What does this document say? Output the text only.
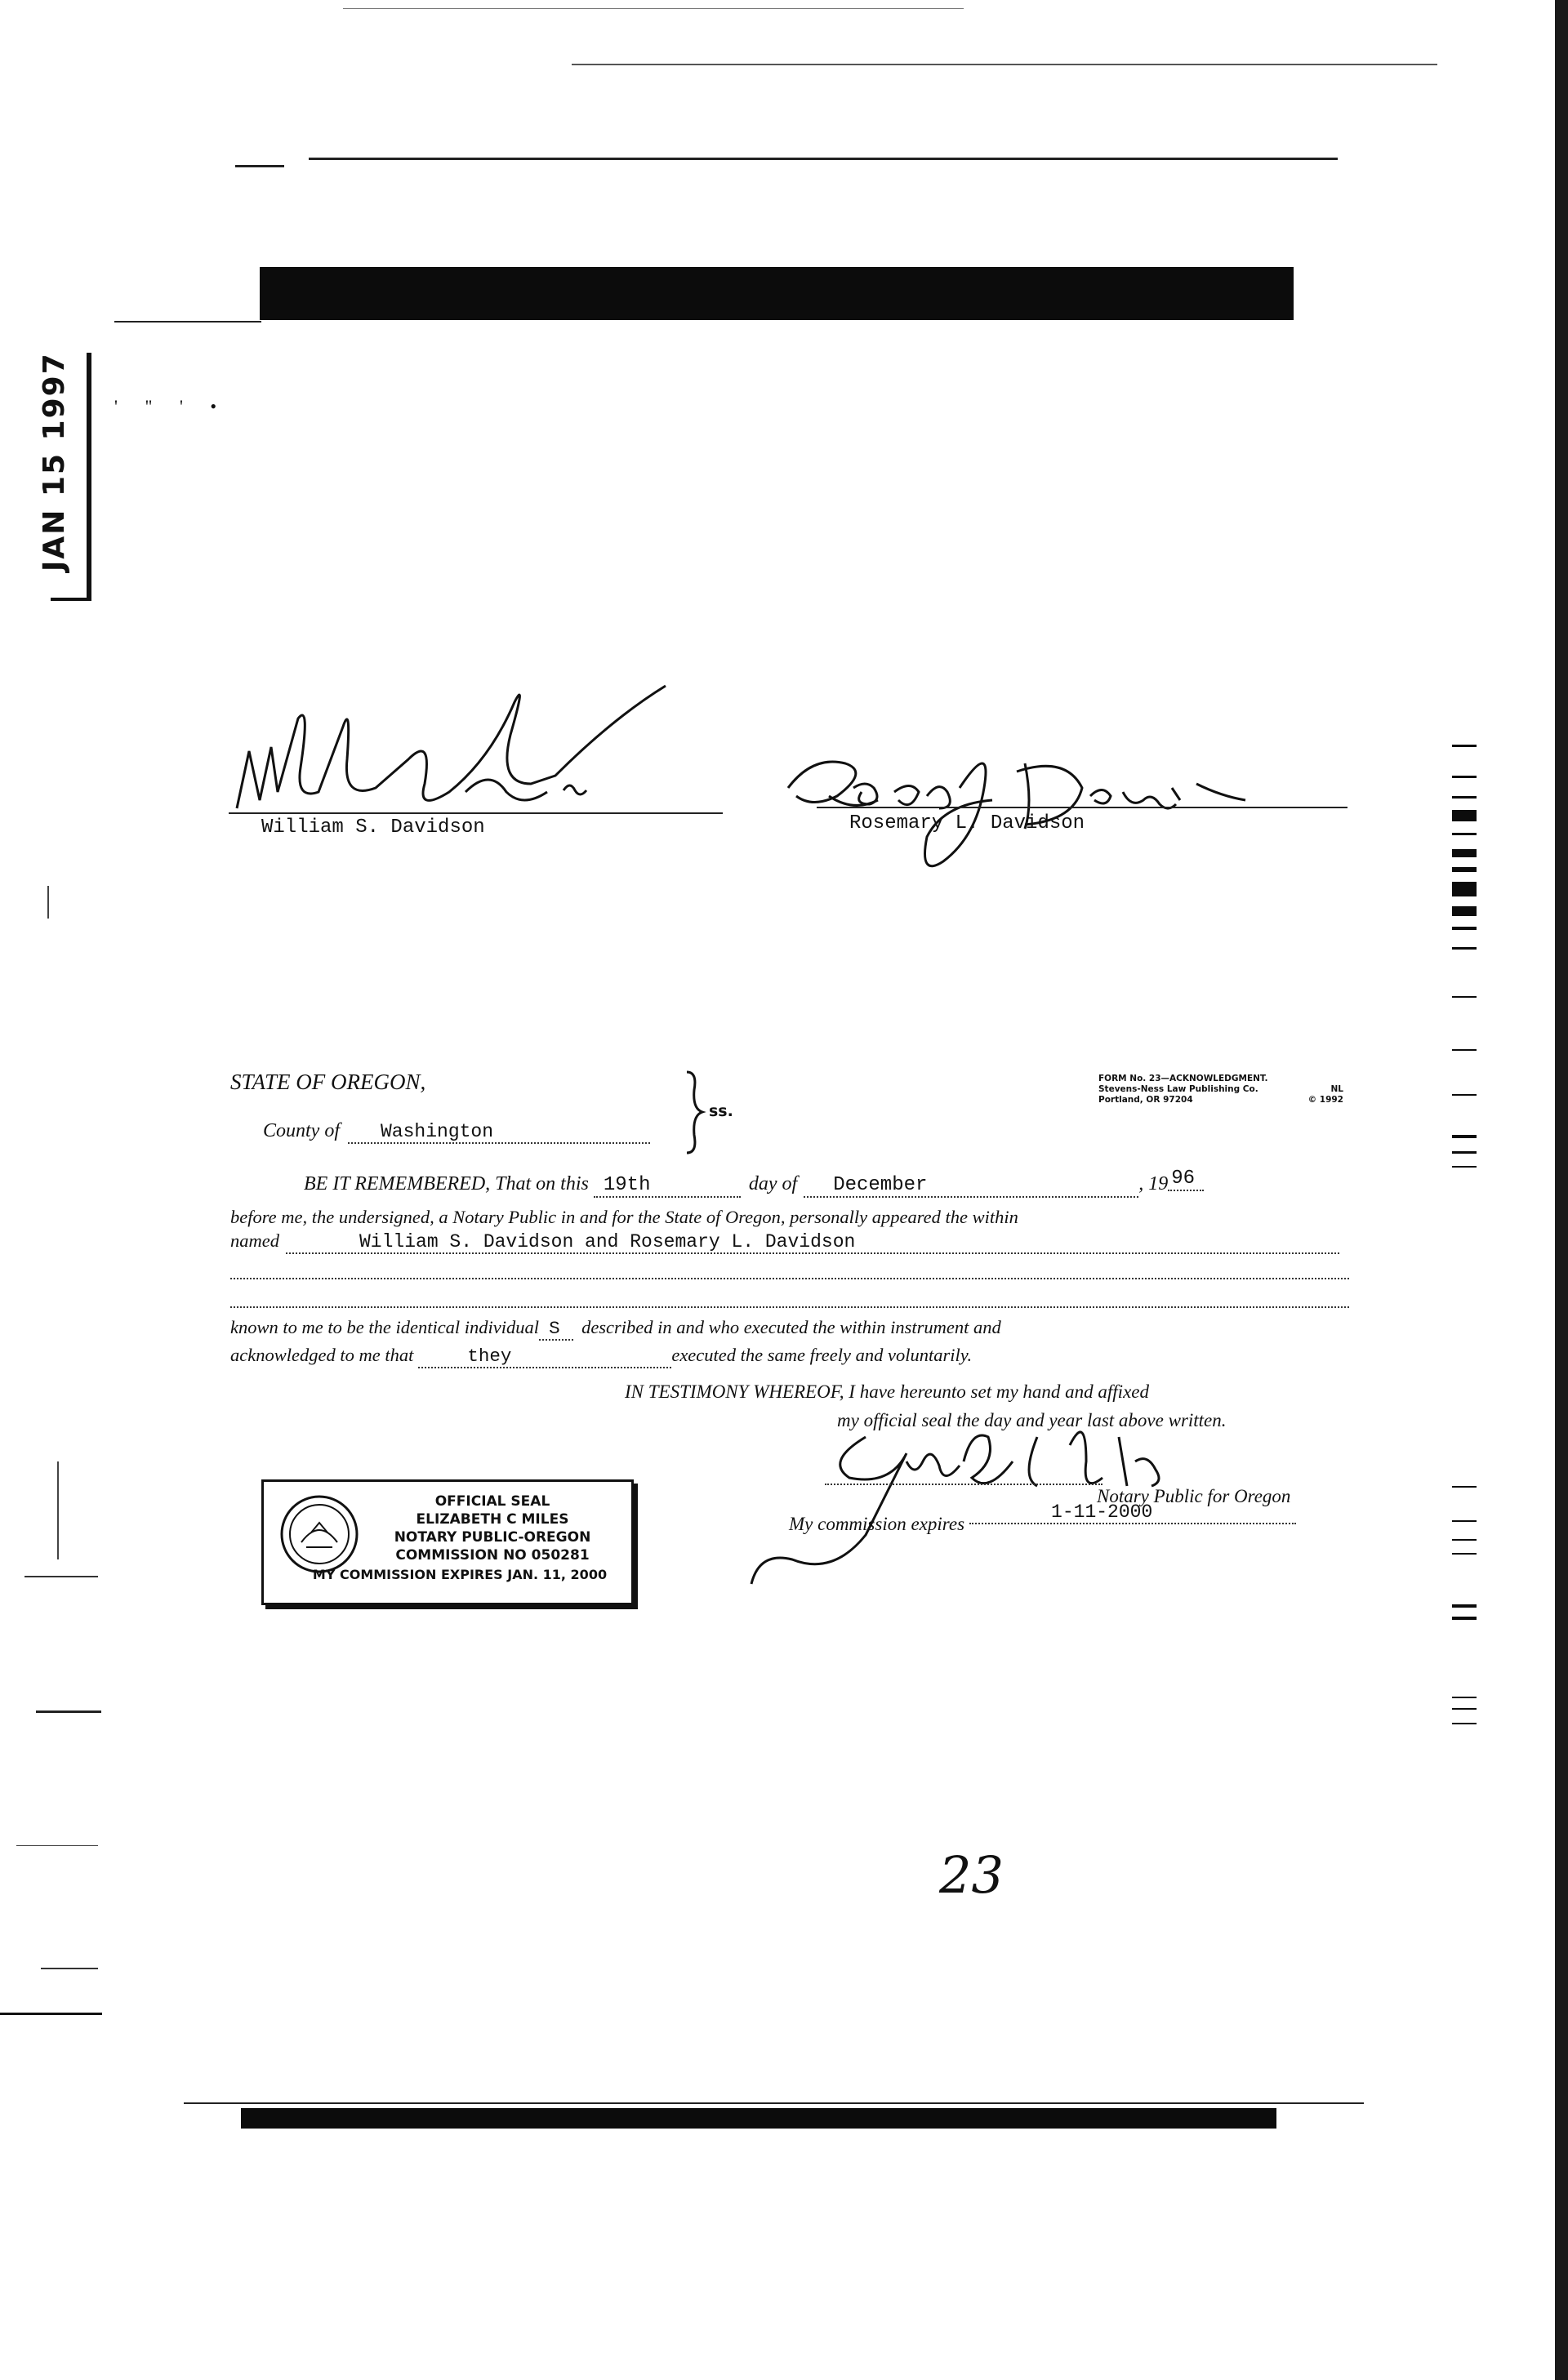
JAN 15 1997 ' " ' •
William S. Davidson	Rosemary L. Davidson
FORM No. 23—ACKNOWLEDGMENT.
Stevens-Ness Law Publishing Co.	NL
Portland, OR 97204	© 1992
STATE OF OREGON,
County of	Washington
ss.
BE IT REMEMBERED, That on this 19th	day of	December	, 19 96
before me, the undersigned, a Notary Public in and for the State of Oregon, personally appeared the within
named	William S. Davidson and Rosemary L. Davidson
known to me to be the identical individual S	described in and who executed the within instrument and
acknowledged to me that	they	executed the same freely and voluntarily.
IN TESTIMONY WHEREOF, I have hereunto set my hand and affixed
my official seal the day and year last above written.
Notary Public for Oregon
My commission expires
1-11-2000
OFFICIAL SEAL
ELIZABETH C MILES
NOTARY PUBLIC-OREGON
COMMISSION NO 050281
MY COMMISSION EXPIRES JAN. 11, 2000
23
